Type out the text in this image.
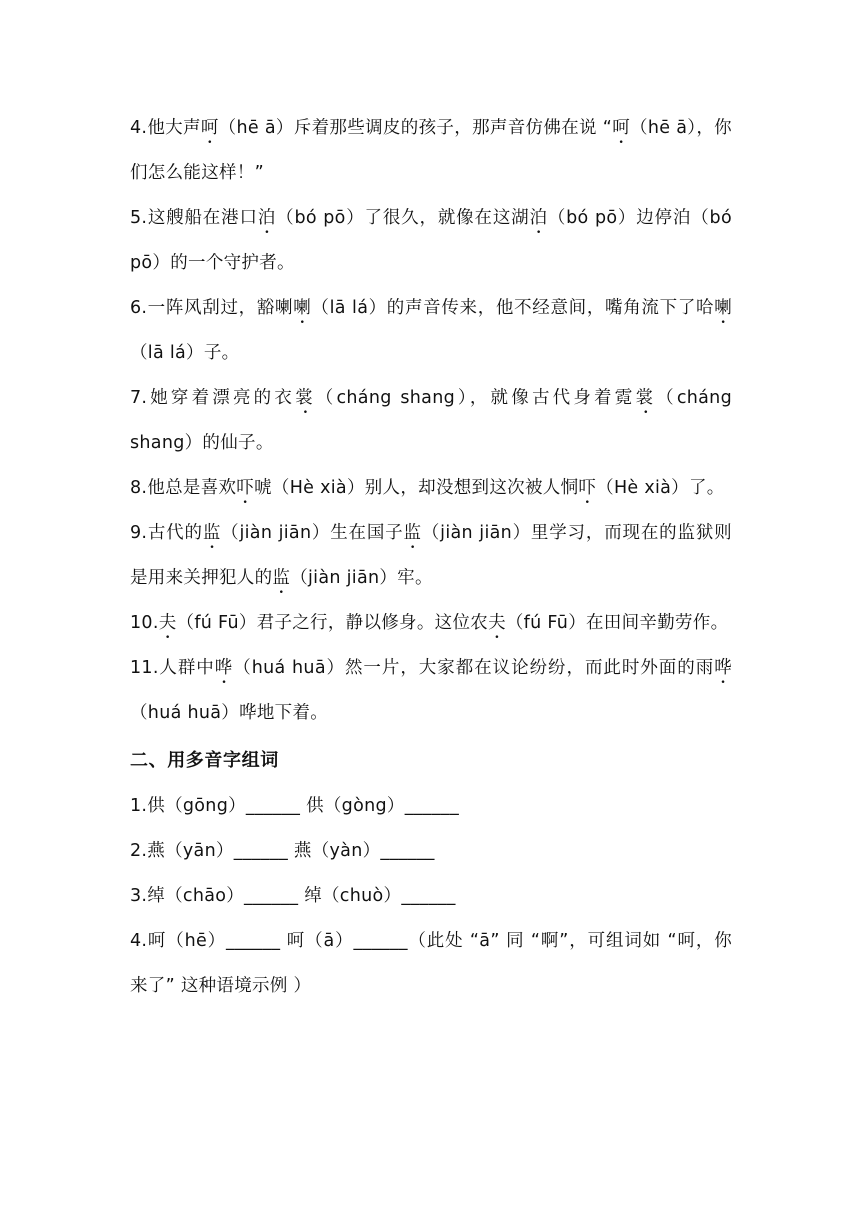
4.他大声呵（hē ā）斥着那些调皮的孩子，那声音仿佛在说 “呵（hē ā），你们怎么能这样！”
5.这艘船在港口泊（bó pō）了很久，就像在这湖泊（bó pō）边停泊（bó pō）的一个守护者。
6.一阵风刮过，豁喇喇（lā lá）的声音传来，他不经意间，嘴角流下了哈喇（lā lá）子。
7.她穿着漂亮的衣裳（cháng shang），就像古代身着霓裳（cháng shang）的仙子。
8.他总是喜欢吓唬（Hè xià）别人，却没想到这次被人恫吓（Hè xià）了。
9.古代的监（jiàn jiān）生在国子监（jiàn jiān）里学习，而现在的监狱则是用来关押犯人的监（jiàn jiān）牢。
10.夫（fú Fū）君子之行，静以修身。这位农夫（fú Fū）在田间辛勤劳作。
11.人群中哗（huá huā）然一片，大家都在议论纷纷，而此时外面的雨哗（huá huā）哗地下着。
二、用多音字组词
1.供（gōng）______ 供（gòng）______
2.燕（yān）______ 燕（yàn）______
3.绰（chāo）______ 绰（chuò）______
4.呵（hē）______ 呵（ā）______（此处 “ā” 同 “啊”，可组词如 “呵，你来了” 这种语境示例 ）
